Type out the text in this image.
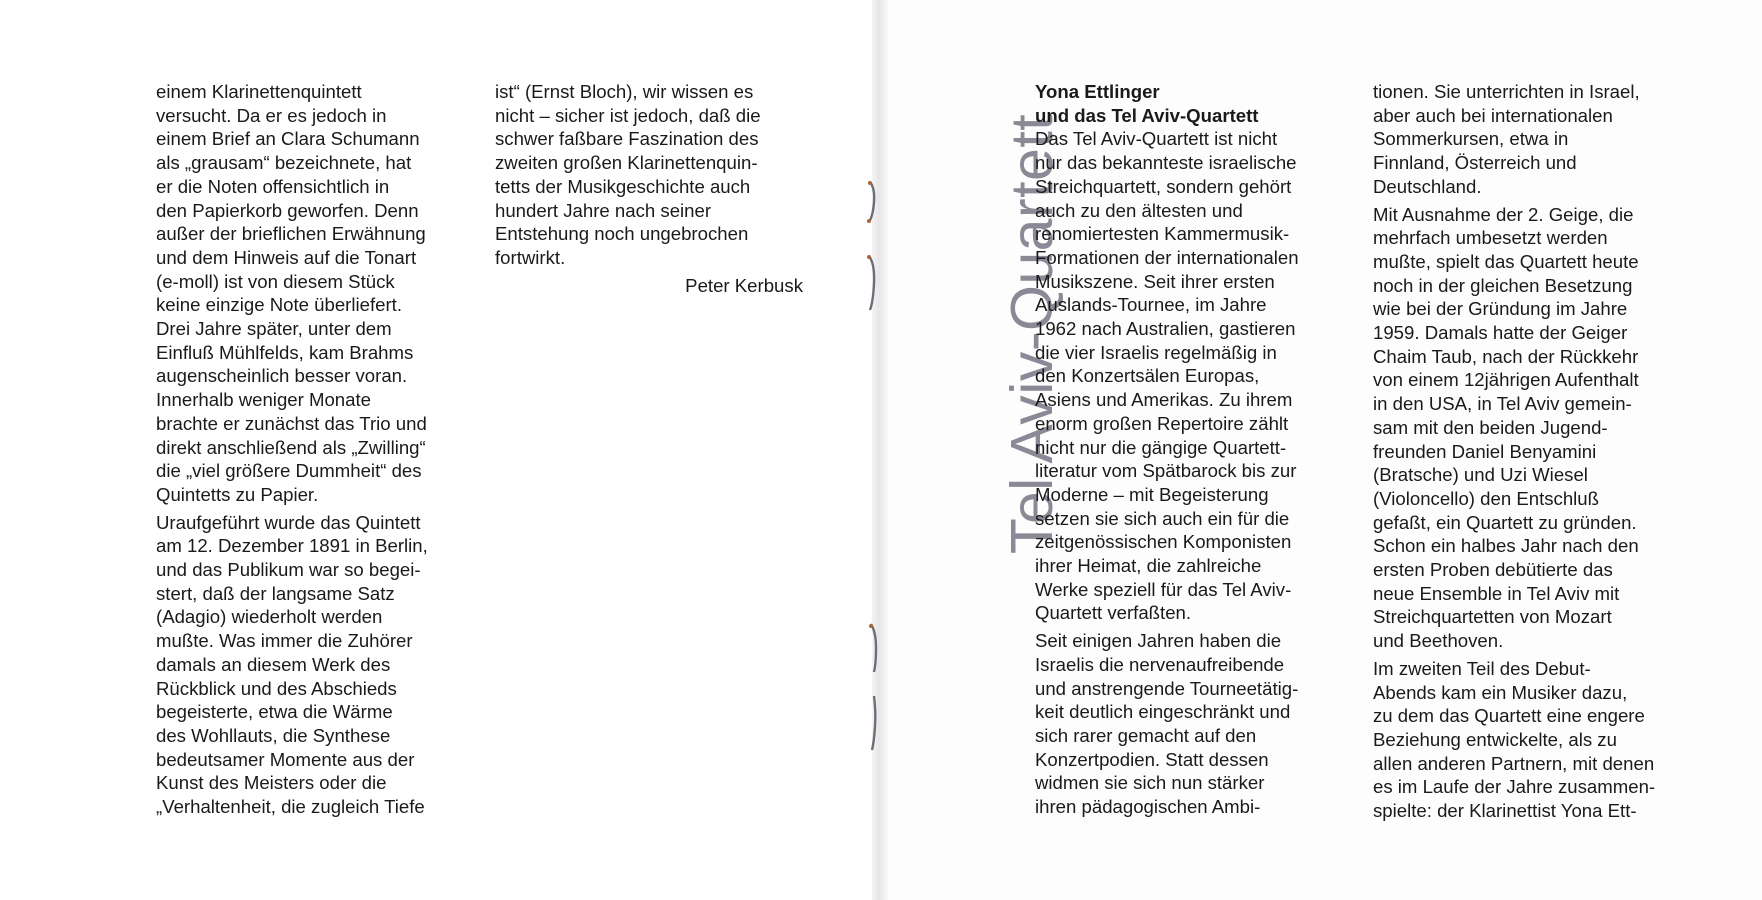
einem Klarinettenquintett
versucht. Da er es jedoch in
einem Brief an Clara Schumann
als „grausam“ bezeichnete, hat
er die Noten offensichtlich in
den Papierkorb geworfen. Denn
außer der brieflichen Erwähnung
und dem Hinweis auf die Tonart
(e-moll) ist von diesem Stück
keine einzige Note überliefert.
Drei Jahre später, unter dem
Einfluß Mühlfelds, kam Brahms
augenscheinlich besser voran.
Innerhalb weniger Monate
brachte er zunächst das Trio und
direkt anschließend als „Zwilling“
die „viel größere Dummheit“ des
Quintetts zu Papier.

Uraufgeführt wurde das Quintett
am 12. Dezember 1891 in Berlin,
und das Publikum war so begei-
stert, daß der langsame Satz
(Adagio) wiederholt werden
mußte. Was immer die Zuhörer
damals an diesem Werk des
Rückblick und des Abschieds
begeisterte, etwa die Wärme
des Wohllauts, die Synthese
bedeutsamer Momente aus der
Kunst des Meisters oder die
„Verhaltenheit, die zugleich Tiefe

ist“ (Ernst Bloch), wir wissen es
nicht – sicher ist jedoch, daß die
schwer faßbare Faszination des
zweiten großen Klarinettenquin-
tetts der Musikgeschichte auch
hundert Jahre nach seiner
Entstehung noch ungebrochen
fortwirkt.

Peter Kerbusk	Tel Aviv-Quartett

Yona Ettlinger
und das Tel Aviv-Quartett

Das Tel Aviv-Quartett ist nicht
nur das bekannteste israelische
Streichquartett, sondern gehört
auch zu den ältesten und
renomiertesten Kammermusik-
Formationen der internationalen
Musikszene. Seit ihrer ersten
Auslands-Tournee, im Jahre
1962 nach Australien, gastieren
die vier Israelis regelmäßig in
den Konzertsälen Europas,
Asiens und Amerikas. Zu ihrem
enorm großen Repertoire zählt
nicht nur die gängige Quartett-
literatur vom Spätbarock bis zur
Moderne – mit Begeisterung
setzen sie sich auch ein für die
zeitgenössischen Komponisten
ihrer Heimat, die zahlreiche
Werke speziell für das Tel Aviv-
Quartett verfaßten.

Seit einigen Jahren haben die
Israelis die nervenaufreibende
und anstrengende Tourneetätig-
keit deutlich eingeschränkt und
sich rarer gemacht auf den
Konzertpodien. Statt dessen
widmen sie sich nun stärker
ihren pädagogischen Ambi-

tionen. Sie unterrichten in Israel,
aber auch bei internationalen
Sommerkursen, etwa in
Finnland, Österreich und
Deutschland.

Mit Ausnahme der 2. Geige, die
mehrfach umbesetzt werden
mußte, spielt das Quartett heute
noch in der gleichen Besetzung
wie bei der Gründung im Jahre
1959. Damals hatte der Geiger
Chaim Taub, nach der Rückkehr
von einem 12jährigen Aufenthalt
in den USA, in Tel Aviv gemein-
sam mit den beiden Jugend-
freunden Daniel Benyamini
(Bratsche) und Uzi Wiesel
(Violoncello) den Entschluß
gefaßt, ein Quartett zu gründen.
Schon ein halbes Jahr nach den
ersten Proben debütierte das
neue Ensemble in Tel Aviv mit
Streichquartetten von Mozart
und Beethoven.

Im zweiten Teil des Debut-
Abends kam ein Musiker dazu,
zu dem das Quartett eine engere
Beziehung entwickelte, als zu
allen anderen Partnern, mit denen
es im Laufe der Jahre zusammen-
spielte: der Klarinettist Yona Ett-
